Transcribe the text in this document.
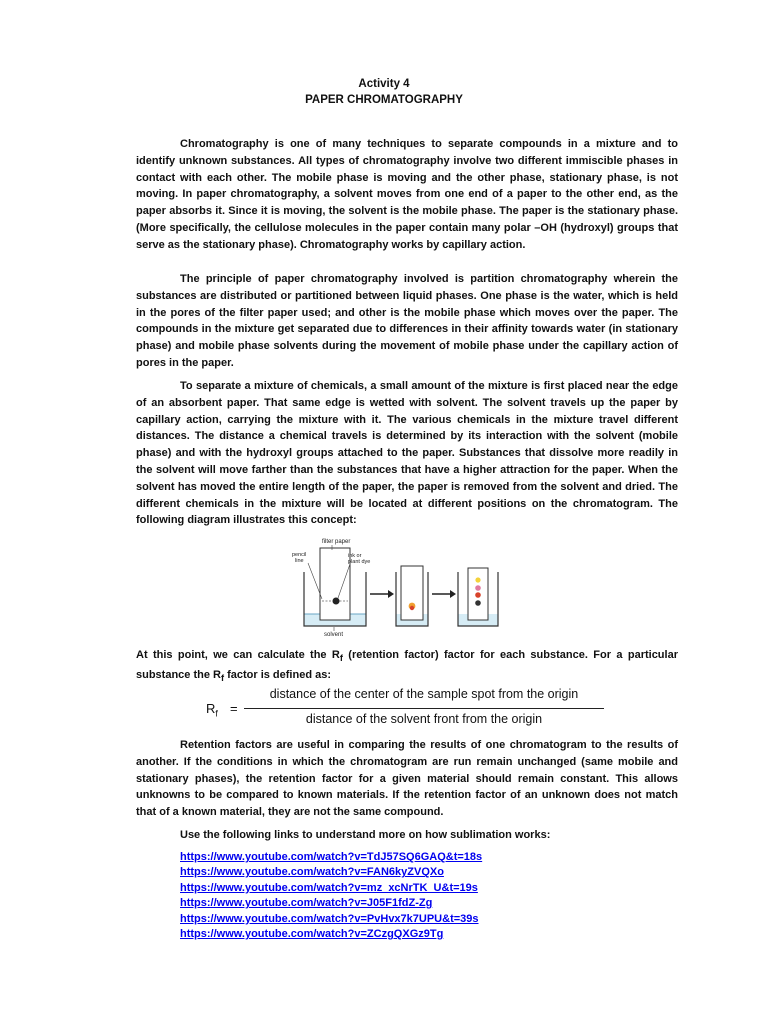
Activity 4
PAPER CHROMATOGRAPHY

Chromatography is one of many techniques to separate compounds in a mixture and to identify unknown substances. All types of chromatography involve two different immiscible phases in contact with each other. The mobile phase is moving and the other phase, stationary phase, is not moving. In paper chromatography, a solvent moves from one end of a paper to the other end, as the paper absorbs it. Since it is moving, the solvent is the mobile phase. The paper is the stationary phase. (More specifically, the cellulose molecules in the paper contain many polar –OH (hydroxyl) groups that serve as the stationary phase). Chromatography works by capillary action.

The principle of paper chromatography involved is partition chromatography wherein the substances are distributed or partitioned between liquid phases. One phase is the water, which is held in the pores of the filter paper used; and other is the mobile phase which moves over the paper. The compounds in the mixture get separated due to differences in their affinity towards water (in stationary phase) and mobile phase solvents during the movement of mobile phase under the capillary action of pores in the paper.

To separate a mixture of chemicals, a small amount of the mixture is first placed near the edge of an absorbent paper. That same edge is wetted with solvent. The solvent travels up the paper by capillary action, carrying the mixture with it. The various chemicals in the mixture travel different distances. The distance a chemical travels is determined by its interaction with the solvent (mobile phase) and with the hydroxyl groups attached to the paper. Substances that dissolve more readily in the solvent will move farther than the substances that have a higher attraction for the paper. When the solvent has moved the entire length of the paper, the paper is removed from the solvent and dried. The different chemicals in the mixture will be located at different positions on the chromatogram. The following diagram illustrates this concept:

filter paper
pencil
line
ink or
plant dye
solvent

At this point, we can calculate the $R_f$ (retention factor) factor for each substance. For a particular substance the $R_f$ factor is defined as:

$R_f$ =
distance of the center of the sample spot from the origin
distance of the solvent front from the origin

Retention factors are useful in comparing the results of one chromatogram to the results of another. If the conditions in which the chromatogram are run remain unchanged (same mobile and stationary phases), the retention factor for a given material should remain constant. This allows unknowns to be compared to known materials. If the retention factor of an unknown does not match that of a known material, they are not the same compound.

Use the following links to understand more on how sublimation works:

https://www.youtube.com/watch?v=TdJ57SQ6GAQ&t=18s
https://www.youtube.com/watch?v=FAN6kyZVQXo
https://www.youtube.com/watch?v=mz_xcNrTK_U&t=19s
https://www.youtube.com/watch?v=J05F1fdZ-Zg
https://www.youtube.com/watch?v=PvHvx7k7UPU&t=39s
https://www.youtube.com/watch?v=ZCzgQXGz9Tg
